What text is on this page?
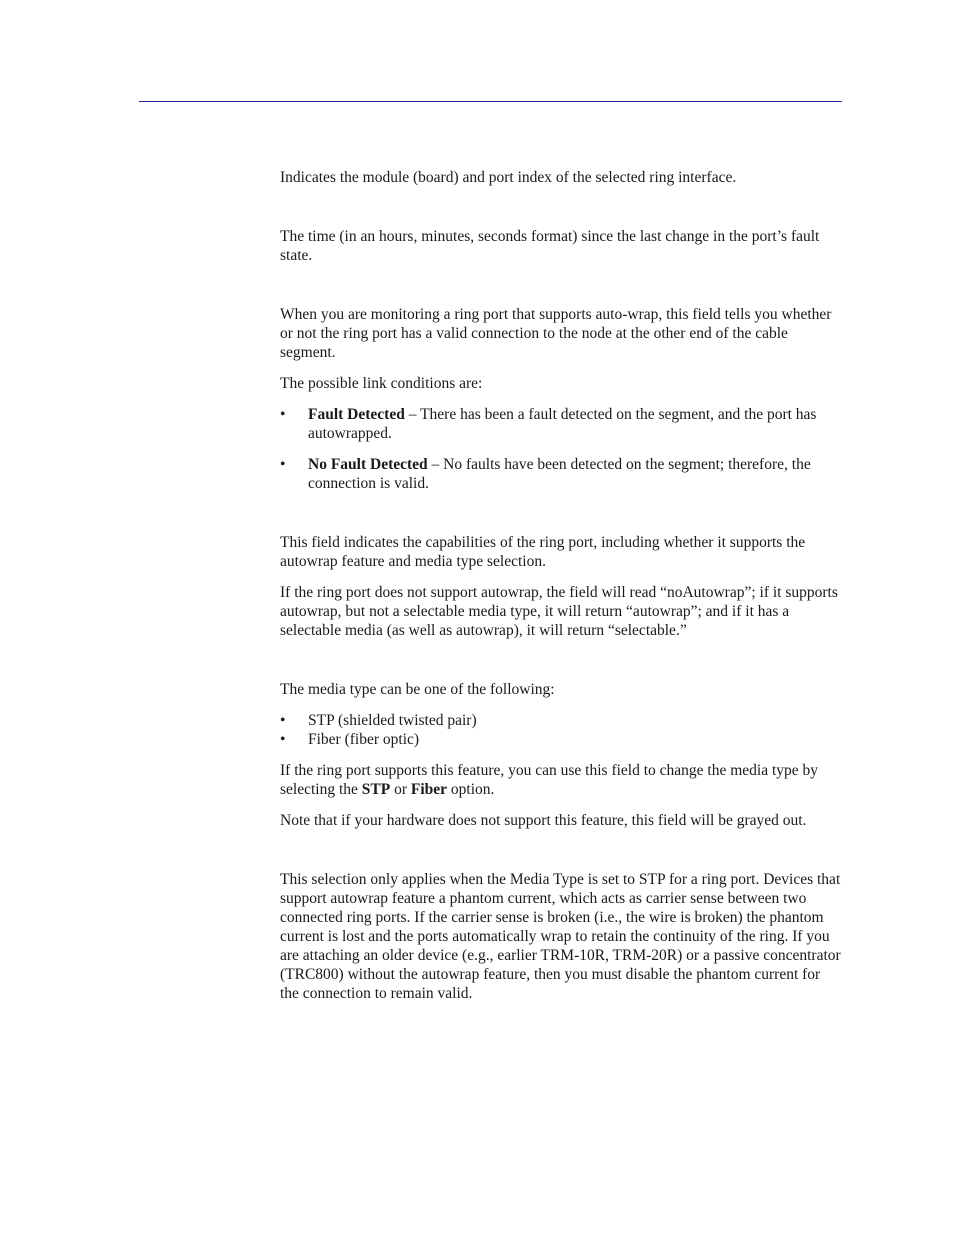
Indicates the module (board) and port index of the selected ring interface.

The time (in an hours, minutes, seconds format) since the last change in the port’s fault state.

When you are monitoring a ring port that supports auto-wrap, this field tells you whether or not the ring port has a valid connection to the node at the other end of the cable segment.

The possible link conditions are:

• Fault Detected – There has been a fault detected on the segment, and the port has autowrapped.
• No Fault Detected – No faults have been detected on the segment; therefore, the connection is valid.

This field indicates the capabilities of the ring port, including whether it supports the autowrap feature and media type selection.

If the ring port does not support autowrap, the field will read “noAutowrap”; if it supports autowrap, but not a selectable media type, it will return “autowrap”; and if it has a selectable media (as well as autowrap), it will return “selectable.”

The media type can be one of the following:

• STP (shielded twisted pair)
• Fiber (fiber optic)

If the ring port supports this feature, you can use this field to change the media type by selecting the STP or Fiber option.

Note that if your hardware does not support this feature, this field will be grayed out.

This selection only applies when the Media Type is set to STP for a ring port. Devices that support autowrap feature a phantom current, which acts as carrier sense between two connected ring ports. If the carrier sense is broken (i.e., the wire is broken) the phantom current is lost and the ports automatically wrap to retain the continuity of the ring. If you are attaching an older device (e.g., earlier TRM-10R, TRM-20R) or a passive concentrator (TRC800) without the autowrap feature, then you must disable the phantom current for the connection to remain valid.
